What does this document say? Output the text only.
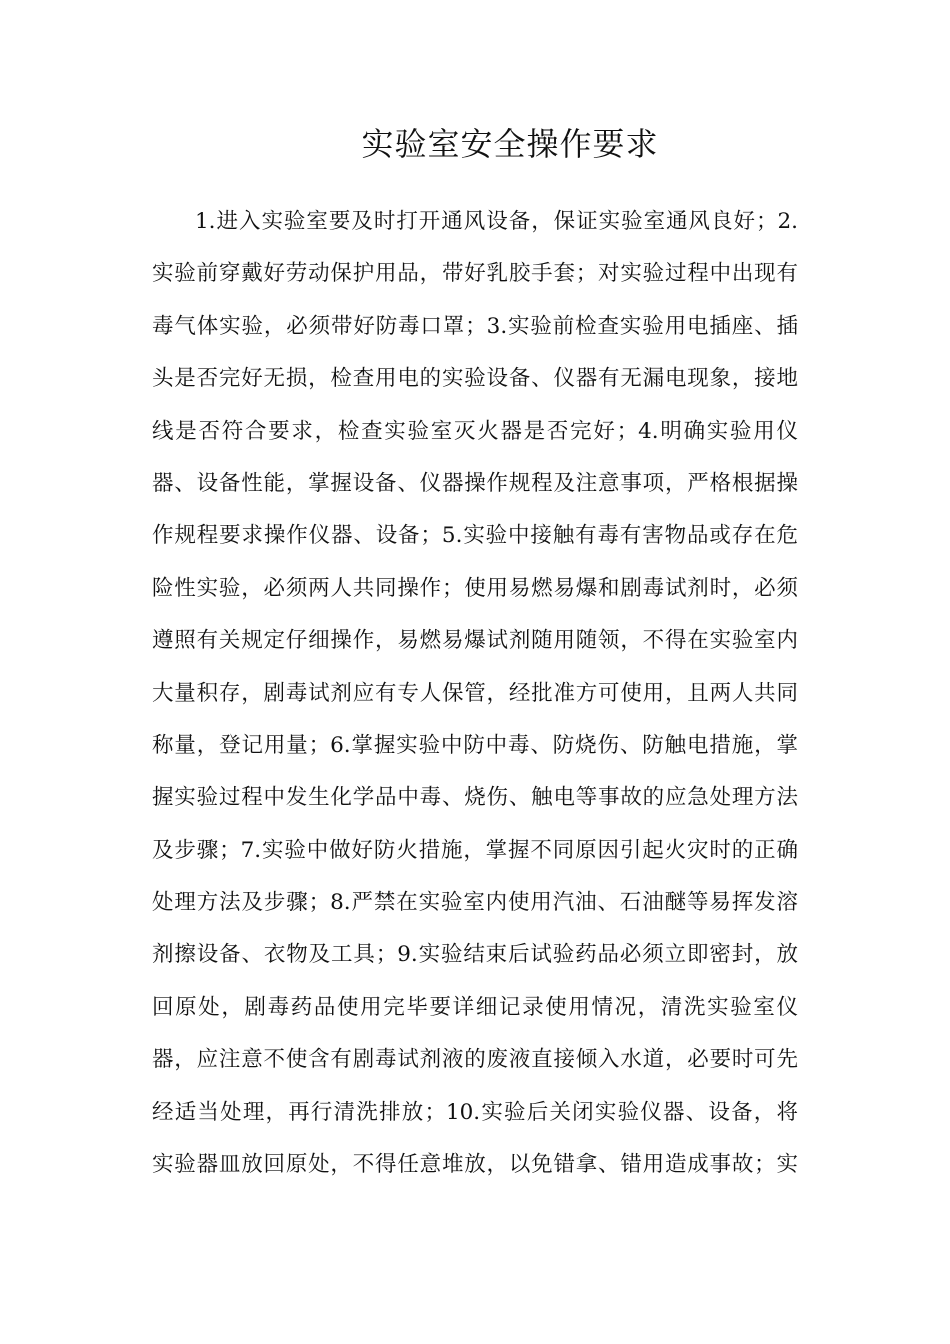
实验室安全操作要求
1.进入实验室要及时打开通风设备，保证实验室通风良好；2.
实验前穿戴好劳动保护用品，带好乳胶手套；对实验过程中出现有
毒气体实验，必须带好防毒口罩；3.实验前检查实验用电插座、插
头是否完好无损，检查用电的实验设备、仪器有无漏电现象，接地
线是否符合要求，检查实验室灭火器是否完好；4.明确实验用仪
器、设备性能，掌握设备、仪器操作规程及注意事项，严格根据操
作规程要求操作仪器、设备；5.实验中接触有毒有害物品或存在危
险性实验，必须两人共同操作；使用易燃易爆和剧毒试剂时，必须
遵照有关规定仔细操作，易燃易爆试剂随用随领，不得在实验室内
大量积存，剧毒试剂应有专人保管，经批准方可使用，且两人共同
称量，登记用量；6.掌握实验中防中毒、防烧伤、防触电措施，掌
握实验过程中发生化学品中毒、烧伤、触电等事故的应急处理方法
及步骤；7.实验中做好防火措施，掌握不同原因引起火灾时的正确
处理方法及步骤；8.严禁在实验室内使用汽油、石油醚等易挥发溶
剂擦设备、衣物及工具；9.实验结束后试验药品必须立即密封，放
回原处，剧毒药品使用完毕要详细记录使用情况，清洗实验室仪
器，应注意不使含有剧毒试剂液的废液直接倾入水道，必要时可先
经适当处理，再行清洗排放；10.实验后关闭实验仪器、设备，将
实验器皿放回原处，不得任意堆放，以免错拿、错用造成事故；实
